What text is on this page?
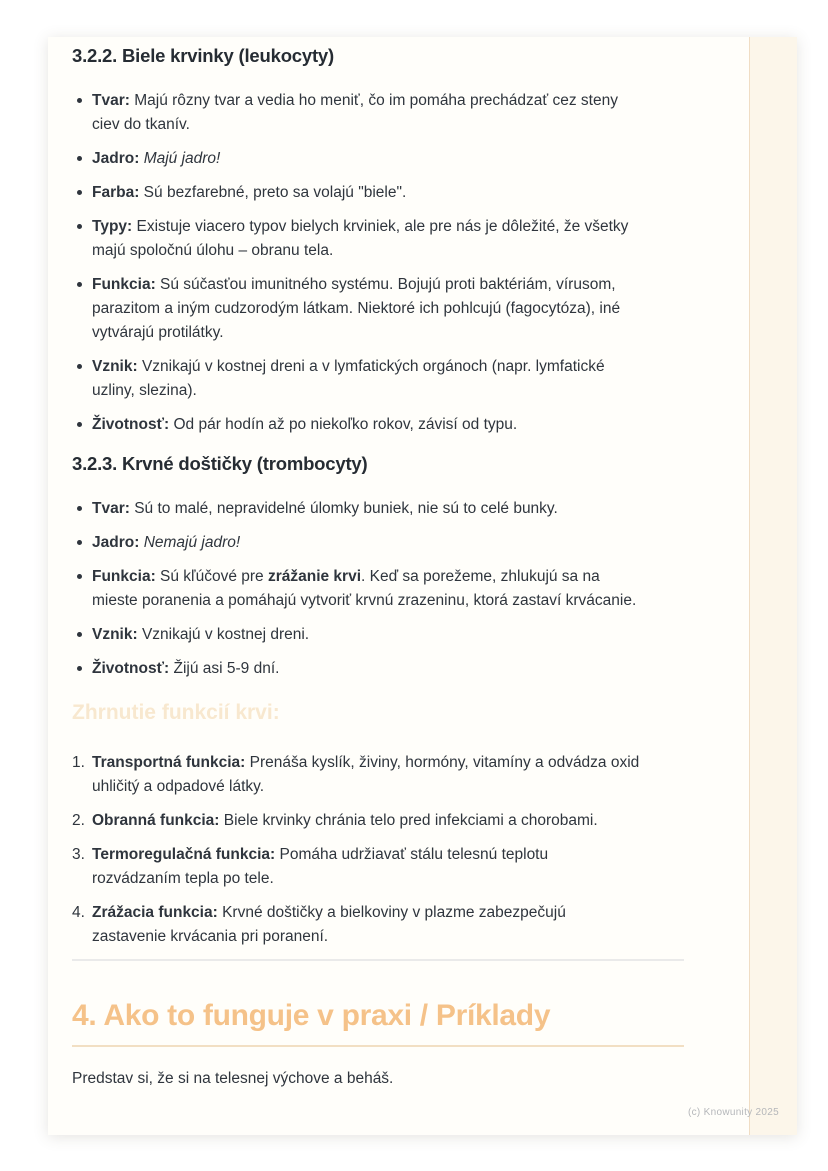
3.2.2. Biele krvinky (leukocyty)
Tvar: Majú rôzny tvar a vedia ho meniť, čo im pomáha prechádzať cez steny ciev do tkanív.
Jadro: Majú jadro!
Farba: Sú bezfarebné, preto sa volajú "biele".
Typy: Existuje viacero typov bielych krviniek, ale pre nás je dôležité, že všetky majú spoločnú úlohu – obranu tela.
Funkcia: Sú súčasťou imunitného systému. Bojujú proti baktériám, vírusom, parazitom a iným cudzorodým látkam. Niektoré ich pohlcujú (fagocytóza), iné vytvárajú protilátky.
Vznik: Vznikajú v kostnej dreni a v lymfatických orgánoch (napr. lymfatické uzliny, slezina).
Životnosť: Od pár hodín až po niekoľko rokov, závisí od typu.
3.2.3. Krvné doštičky (trombocyty)
Tvar: Sú to malé, nepravidelné úlomky buniek, nie sú to celé bunky.
Jadro: Nemajú jadro!
Funkcia: Sú kľúčové pre zrážanie krvi. Keď sa porežeme, zhlukujú sa na mieste poranenia a pomáhajú vytvoriť krvnú zrazeninu, ktorá zastaví krvácanie.
Vznik: Vznikajú v kostnej dreni.
Životnosť: Žijú asi 5-9 dní.
Zhrnutie funkcií krvi:
Transportná funkcia: Prenáša kyslík, živiny, hormóny, vitamíny a odvádza oxid uhličitý a odpadové látky.
Obranná funkcia: Biele krvinky chránia telo pred infekciami a chorobami.
Termoregulačná funkcia: Pomáha udržiavať stálu telesnú teplotu rozvádzaním tepla po tele.
Zrážacia funkcia: Krvné doštičky a bielkoviny v plazme zabezpečujú zastavenie krvácania pri poranení.
4. Ako to funguje v praxi / Príklady

Predstav si, že si na telesnej výchove a beháš.

(c) Knowunity 2025
